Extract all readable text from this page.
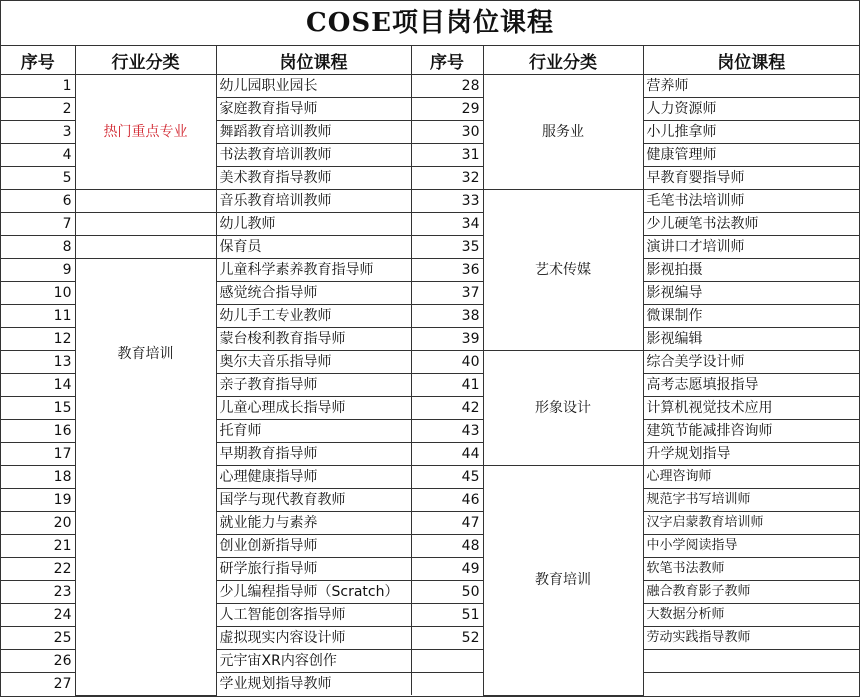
COSE项目岗位课程
序号	行业分类	岗位课程	序号	行业分类	岗位课程
1	热门重点专业	幼儿园职业园长	28	服务业	营养师
2		家庭教育指导师	29		人力资源师
3		舞蹈教育培训教师	30		小儿推拿师
4		书法教育培训教师	31		健康管理师
5		美术教育指导教师	32		早教育婴指导师
6		音乐教育培训教师	33	艺术传媒	毛笔书法培训师
7		幼儿教师	34		少儿硬笔书法教师
8		保育员	35		演讲口才培训师
9	教育培训	儿童科学素养教育指导师	36		影视拍摄
10		感觉统合指导师	37		影视编导
11		幼儿手工专业教师	38		微课制作
12		蒙台梭利教育指导师	39		影视编辑
13		奥尔夫音乐指导师	40	形象设计	综合美学设计师
14		亲子教育指导师	41		高考志愿填报指导
15		儿童心理成长指导师	42		计算机视觉技术应用
16		托育师	43		建筑节能减排咨询师
17		早期教育指导师	44		升学规划指导
18		心理健康指导师	45	教育培训	心理咨询师
19		国学与现代教育教师	46		规范字书写培训师
20		就业能力与素养	47		汉字启蒙教育培训师
21		创业创新指导师	48		中小学阅读指导
22		研学旅行指导师	49		软笔书法教师
23		少儿编程指导师（Scratch）	50		融合教育影子教师
24		人工智能创客指导师	51		大数据分析师
25		虚拟现实内容设计师	52		劳动实践指导教师
26		元宇宙XR内容创作			
27		学业规划指导教师			
